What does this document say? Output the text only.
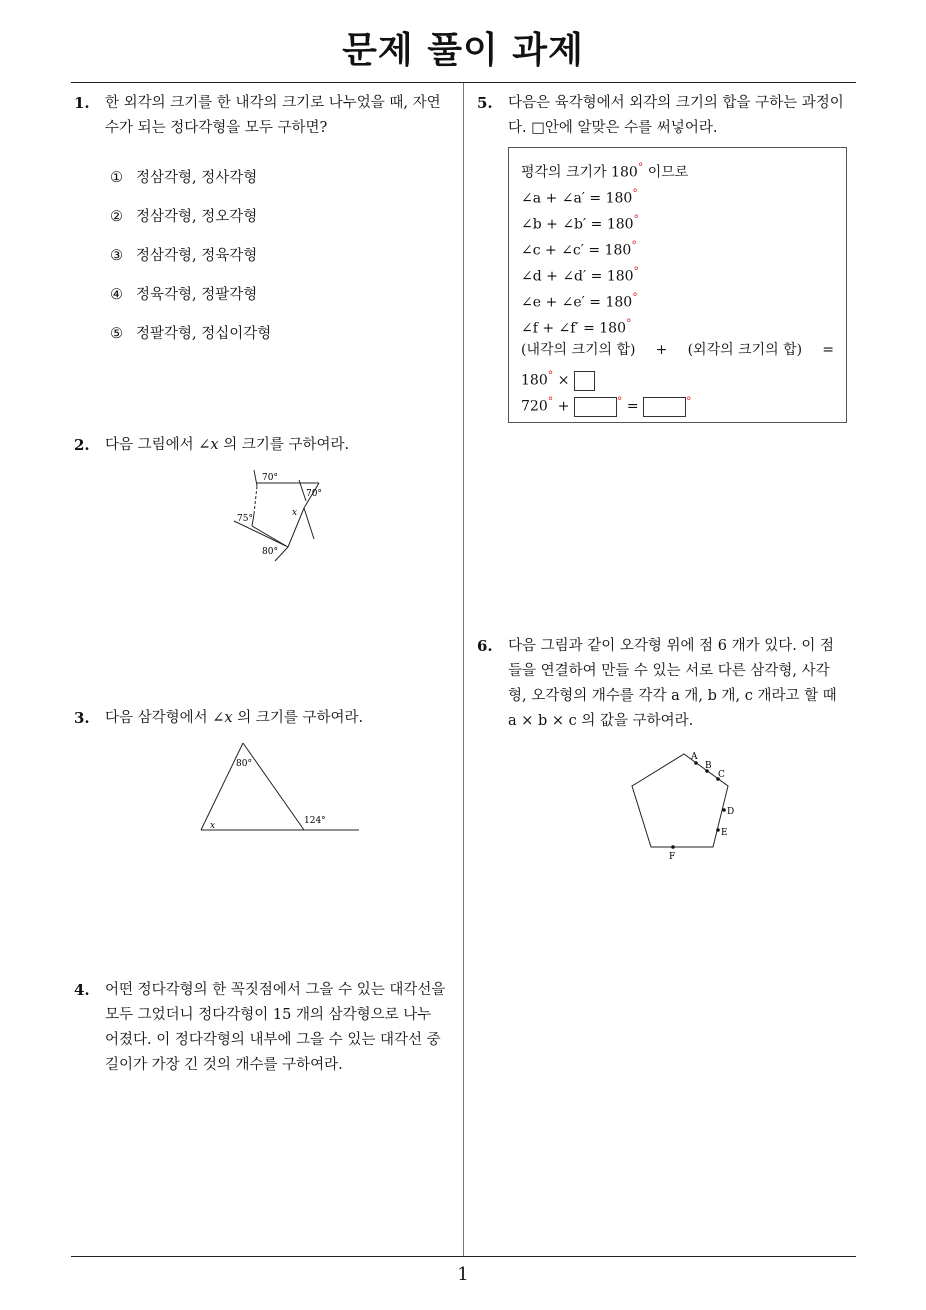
문제 풀이 과제
1. 한 외각의 크기를 한 내각의 크기로 나누었을 때, 자연
수가 되는 정다각형을 모두 구하면?
① 정삼각형, 정사각형
② 정삼각형, 정오각형
③ 정삼각형, 정육각형
④ 정육각형, 정팔각형
⑤ 정팔각형, 정십이각형
2. 다음 그림에서 ∠x 의 크기를 구하여라.
70°
70°
75°
80°
x
3. 다음 삼각형에서 ∠x 의 크기를 구하여라.
80°
124°
x
4. 어떤 정다각형의 한 꼭짓점에서 그을 수 있는 대각선을
모두 그었더니 정다각형이 15 개의 삼각형으로 나누
어졌다. 이 정다각형의 내부에 그을 수 있는 대각선 중
길이가 가장 긴 것의 개수를 구하여라.
5. 다음은 육각형에서 외각의 크기의 합을 구하는 과정이
다. □안에 알맞은 수를 써넣어라.
평각의 크기가 180° 이므로
∠a + ∠a′ = 180°
∠b + ∠b′ = 180°
∠c + ∠c′ = 180°
∠d + ∠d′ = 180°
∠e + ∠e′ = 180°
∠f + ∠f′ = 180°
(내각의 크기의 합) + (외각의 크기의 합) =
180° ×
720° +	° =	°
6. 다음 그림과 같이 오각형 위에 점 6 개가 있다. 이 점
들을 연결하여 만들 수 있는 서로 다른 삼각형, 사각
형, 오각형의 개수를 각각 a 개, b 개, c 개라고 할 때
a × b × c 의 값을 구하여라.
A
B
C
D
E
F
1
